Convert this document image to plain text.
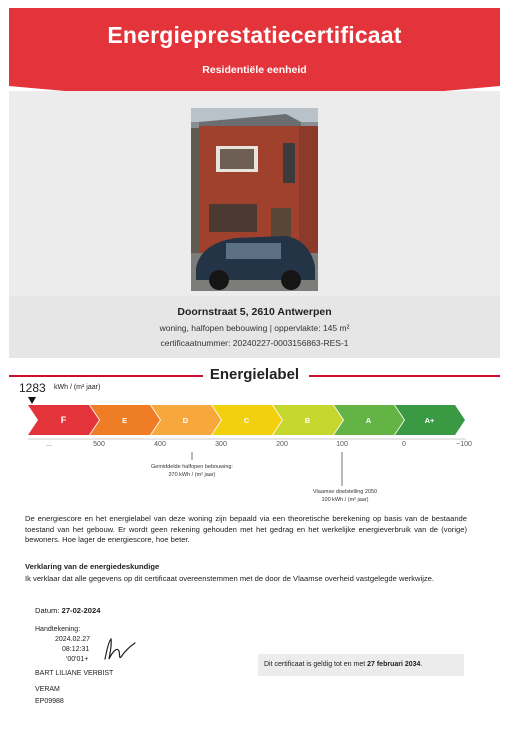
Energieprestatiecertificaat
Residentiële eenheid
Doornstraat 5, 2610 Antwerpen
woning, halfopen bebouwing | oppervlakte: 145 m²
certificaatnummer: 20240227-0003156863-RES-1
Energielabel
1283 kWh / (m² jaar)
F	E	D	C	B	A	A+
...	500	400	300	200	100	0	−100
Gemiddelde halfopen bebouwing:
370 kWh / (m² jaar)
Vlaamse doelstelling 2050
100 kWh / (m² jaar)
De energiescore en het energielabel van deze woning zijn bepaald via een theoretische berekening op basis van de bestaande toestand van het gebouw. Er wordt geen rekening gehouden met het gedrag en het werkelijke energieverbruik van de (vorige) bewoners. Hoe lager de energiescore, hoe beter.
Verklaring van de energiedeskundige
Ik verklaar dat alle gegevens op dit certificaat overeenstemmen met de door de Vlaamse overheid vastgelegde werkwijze.
Datum: 27-02-2024
Handtekening:
2024.02.27
08:12:31
'00'01+
BART LILIANE VERBIST
VERAM
EP09988
Dit certificaat is geldig tot en met 27 februari 2034.
